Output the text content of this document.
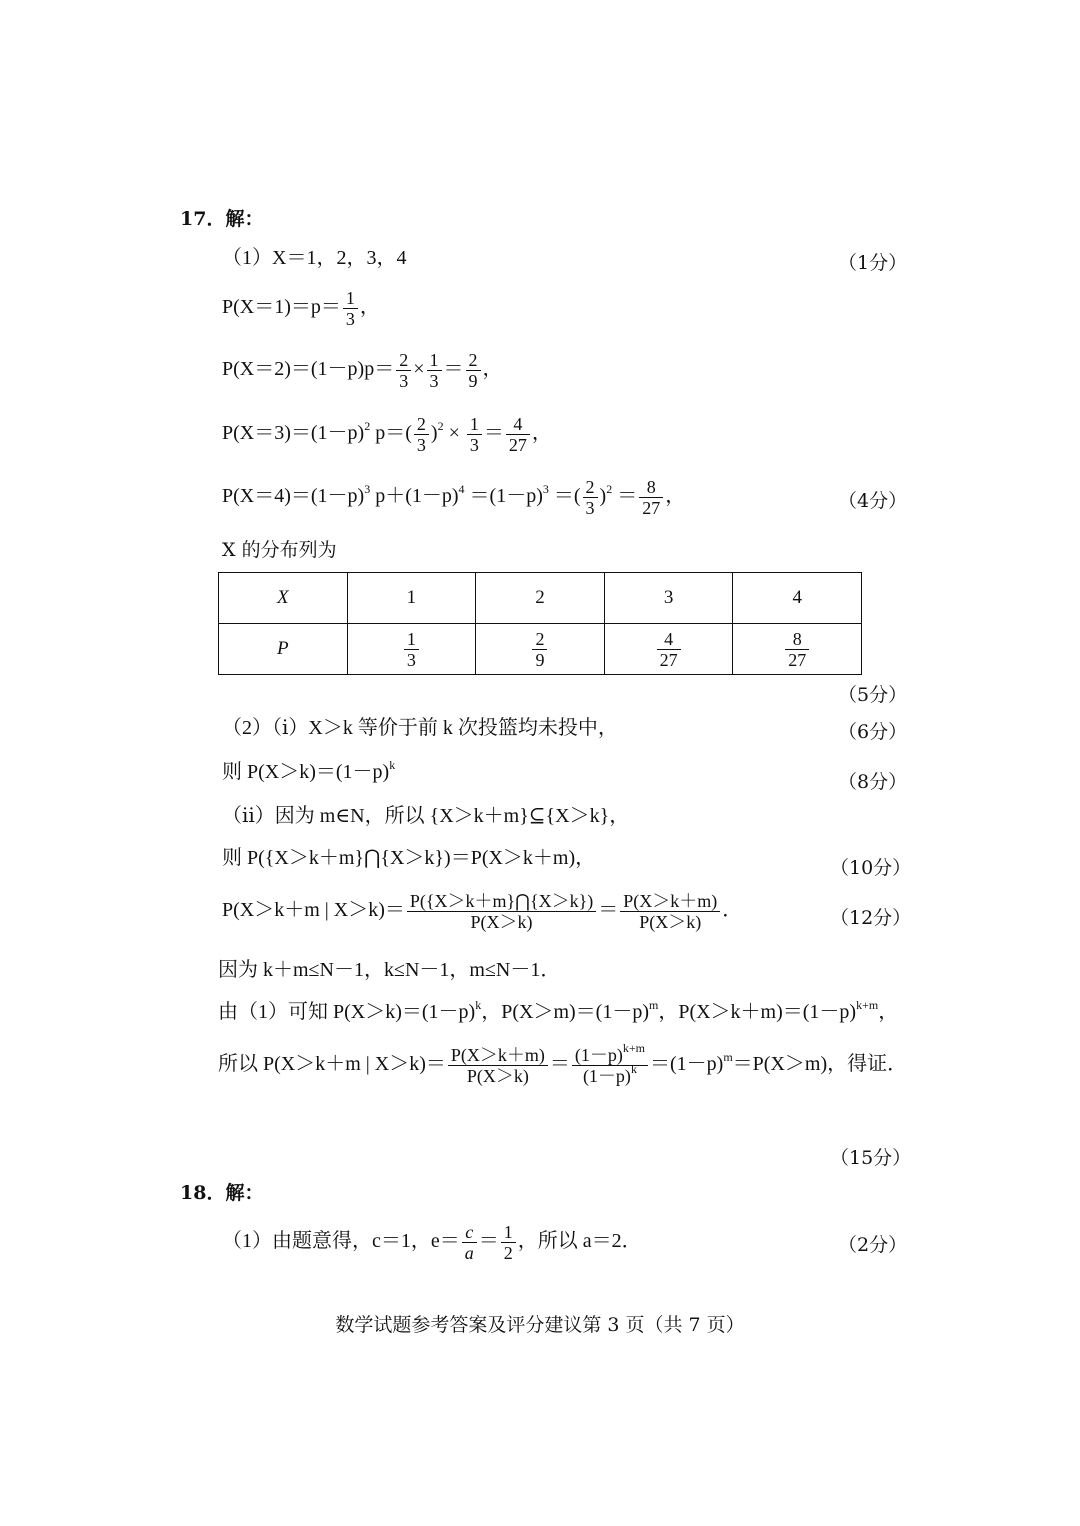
17．解：
（1）X＝1，2，3，4	（1分）
$P(X=1)=p= \frac{1}{3}$ ，
$P(X=2)=(1-p)p= \frac{2}{3} \times \frac{1}{3} = \frac{2}{9}$ ，
$P(X=3)=(1-p)^2$ $p=( \frac{2}{3} )^2 \times \frac{1}{3} = \frac{4}{27}$ ，
$P(X=4)=(1-p)^3$ $p+(1-p)^4 =(1-p)^3$ ＝( $\frac{2}{3} )^2 = \frac{8}{27}$ ，	（4分）
X 的分布列为
X	1	2	3	4
P	$\frac{1}{3}$	$\frac{2}{9}$	$\frac{4}{27}$	$\frac{8}{27}$
（5分）
（2）（ⅰ）X＞k 等价于前 k 次投篮均未投中，	（6分）
则 $P(X>k)=(1-p)^k$
（8分）
（ⅱ）因为 m∈N，所以 {X＞k＋m}⊆{X＞k}，
则 P({X＞k＋m}⋂{X＞k})＝P(X＞k＋m)，	（10分）
P(X＞k＋m | $X>k)= \frac{P(\{X>k+m\}⋂\{X>k\})}{P(X>k)} = \frac{P(X>k+m)}{P(X>k)}$ ．	（12分）
因为 k＋m≤N－1，k≤N－1，m≤N－1．
由（1）可知 $P(X>k)=(1-p)^k$，$P(X>m)=(1-p)^m$，$P(X>k+m)=(1-p)^{k+m}$，
所以 P(X＞k＋m | $X>k)= \frac{P(X>k+m)}{P(X>k)} = \frac{(1-p)^{k+m}}{(1-p)^k} =(1-p)^m=P(X>m)$，得证．
（15分）
18．解：
（1）由题意得，c＝1，$e= \frac{c}{a} = \frac{1}{2}$ ，所以 a＝2．	（2分）
数学试题参考答案及评分建议第 3 页（共 7 页）
